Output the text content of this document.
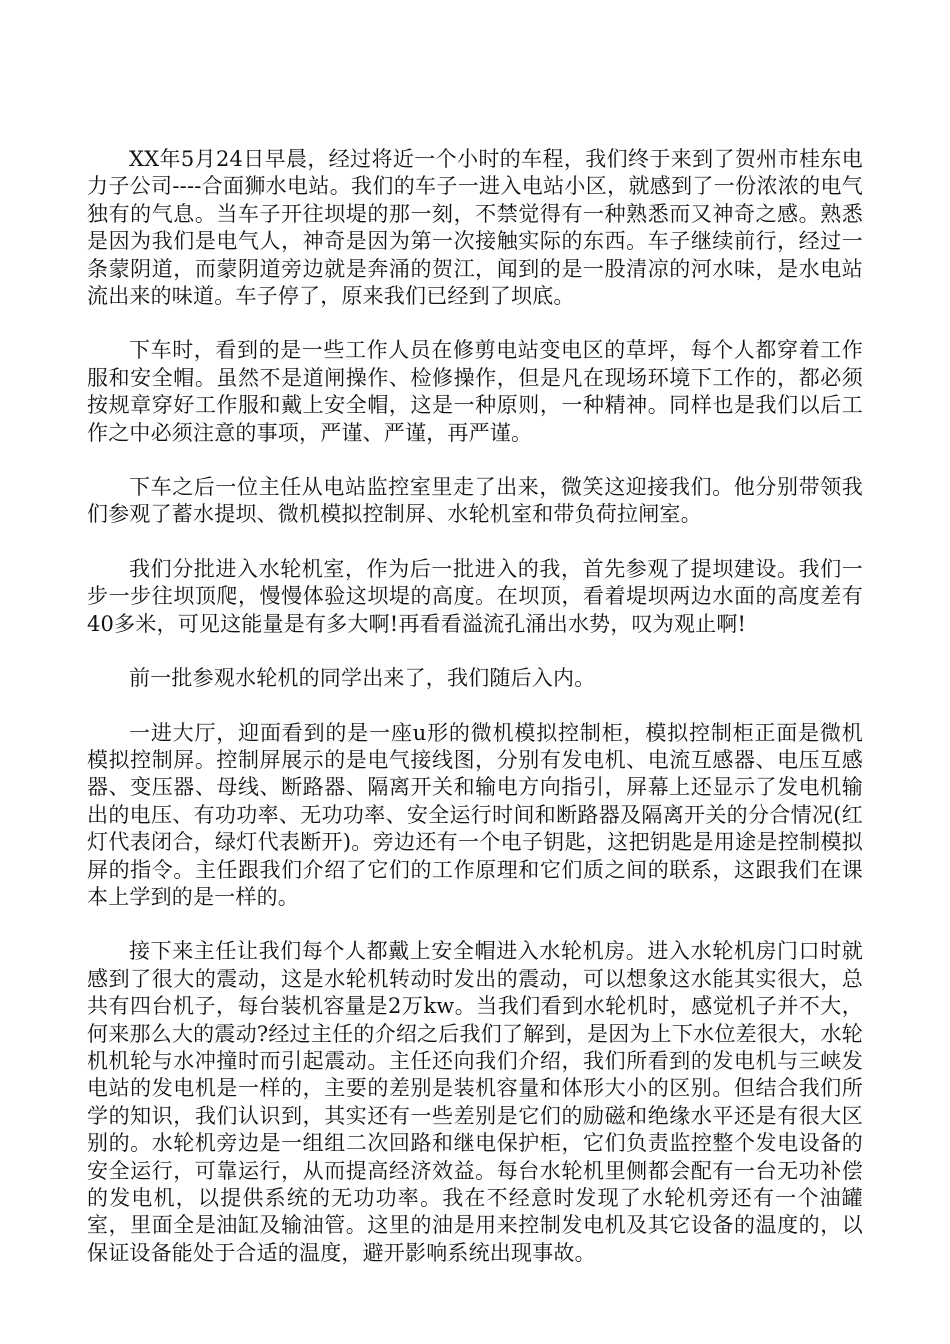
XX年5月24日早晨，经过将近一个小时的车程，我们终于来到了贺州市桂东电力子公司----合面狮水电站。我们的车子一进入电站小区，就感到了一份浓浓的电气独有的气息。当车子开往坝堤的那一刻，不禁觉得有一种熟悉而又神奇之感。熟悉是因为我们是电气人，神奇是因为第一次接触实际的东西。车子继续前行，经过一条蒙阴道，而蒙阴道旁边就是奔涌的贺江，闻到的是一股清凉的河水味，是水电站流出来的味道。车子停了，原来我们已经到了坝底。

下车时，看到的是一些工作人员在修剪电站变电区的草坪，每个人都穿着工作服和安全帽。虽然不是道闸操作、检修操作，但是凡在现场环境下工作的，都必须按规章穿好工作服和戴上安全帽，这是一种原则，一种精神。同样也是我们以后工作之中必须注意的事项，严谨、严谨，再严谨。

下车之后一位主任从电站监控室里走了出来，微笑这迎接我们。他分别带领我们参观了蓄水提坝、微机模拟控制屏、水轮机室和带负荷拉闸室。

我们分批进入水轮机室，作为后一批进入的我，首先参观了提坝建设。我们一步一步往坝顶爬，慢慢体验这坝堤的高度。在坝顶，看着堤坝两边水面的高度差有40多米，可见这能量是有多大啊!再看看溢流孔涌出水势，叹为观止啊!

前一批参观水轮机的同学出来了，我们随后入内。

一进大厅，迎面看到的是一座u形的微机模拟控制柜，模拟控制柜正面是微机模拟控制屏。控制屏展示的是电气接线图，分别有发电机、电流互感器、电压互感器、变压器、母线、断路器、隔离开关和输电方向指引，屏幕上还显示了发电机输出的电压、有功功率、无功功率、安全运行时间和断路器及隔离开关的分合情况(红灯代表闭合，绿灯代表断开)。旁边还有一个电子钥匙，这把钥匙是用途是控制模拟屏的指令。主任跟我们介绍了它们的工作原理和它们质之间的联系，这跟我们在课本上学到的是一样的。

接下来主任让我们每个人都戴上安全帽进入水轮机房。进入水轮机房门口时就感到了很大的震动，这是水轮机转动时发出的震动，可以想象这水能其实很大，总共有四台机子，每台装机容量是2万kw。当我们看到水轮机时，感觉机子并不大，何来那么大的震动?经过主任的介绍之后我们了解到，是因为上下水位差很大，水轮机机轮与水冲撞时而引起震动。主任还向我们介绍，我们所看到的发电机与三峡发电站的发电机是一样的，主要的差别是装机容量和体形大小的区别。但结合我们所学的知识，我们认识到，其实还有一些差别是它们的励磁和绝缘水平还是有很大区别的。水轮机旁边是一组组二次回路和继电保护柜，它们负责监控整个发电设备的安全运行，可靠运行，从而提高经济效益。每台水轮机里侧都会配有一台无功补偿的发电机，以提供系统的无功功率。我在不经意时发现了水轮机旁还有一个油罐室，里面全是油缸及输油管。这里的油是用来控制发电机及其它设备的温度的，以保证设备能处于合适的温度，避开影响系统出现事故。
